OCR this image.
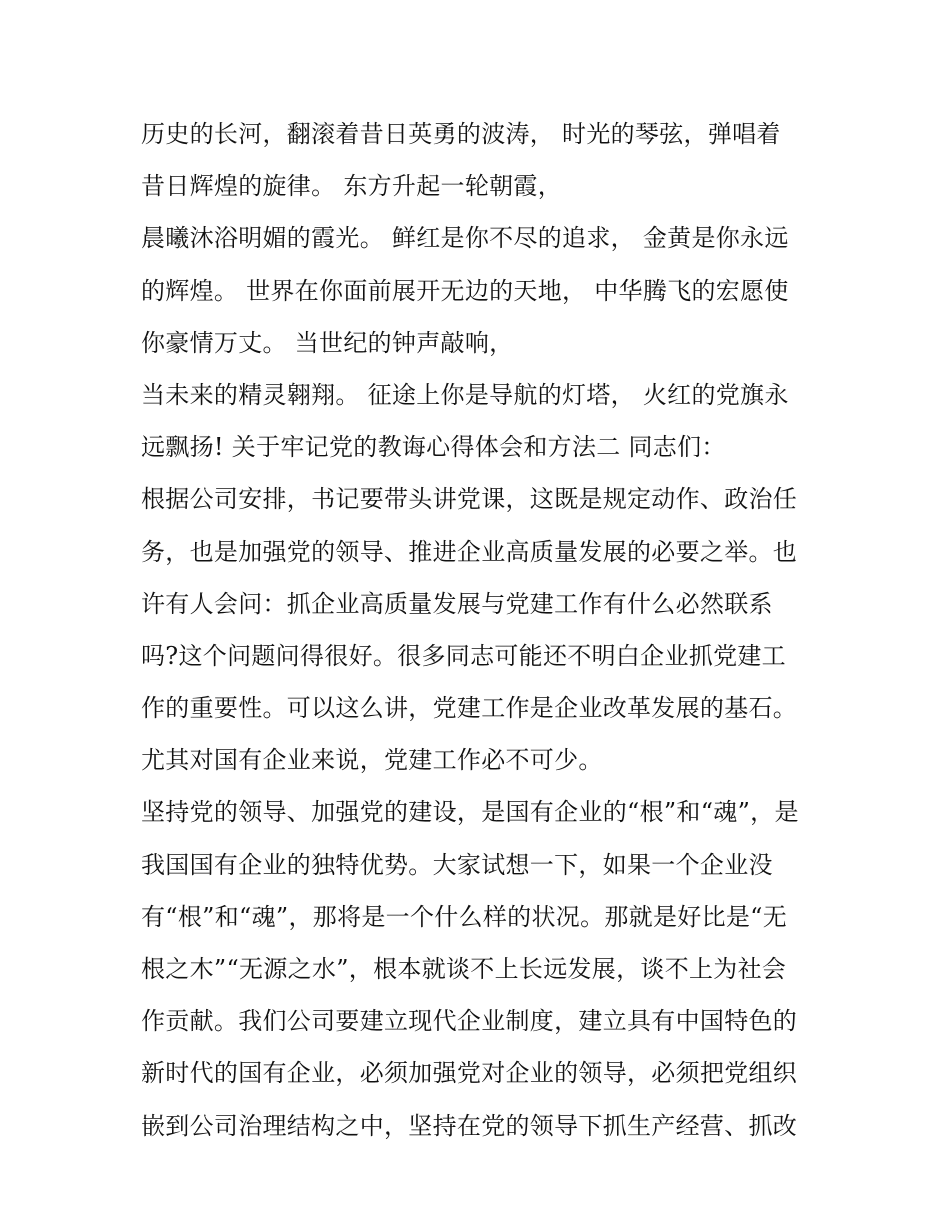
历史的长河，翻滚着昔日英勇的波涛， 时光的琴弦，弹唱着
昔日辉煌的旋律。 东方升起一轮朝霞，
晨曦沐浴明媚的霞光。 鲜红是你不尽的追求， 金黄是你永远
的辉煌。 世界在你面前展开无边的天地， 中华腾飞的宏愿使
你豪情万丈。 当世纪的钟声敲响，
当未来的精灵翱翔。 征途上你是导航的灯塔， 火红的党旗永
远飘扬! 关于牢记党的教诲心得体会和方法二 同志们：
根据公司安排，书记要带头讲党课，这既是规定动作、政治任
务，也是加强党的领导、推进企业高质量发展的必要之举。也
许有人会问：抓企业高质量发展与党建工作有什么必然联系
吗?这个问题问得很好。很多同志可能还不明白企业抓党建工
作的重要性。可以这么讲，党建工作是企业改革发展的基石。
尤其对国有企业来说，党建工作必不可少。
坚持党的领导、加强党的建设，是国有企业的“根”和“魂”，是
我国国有企业的独特优势。大家试想一下，如果一个企业没
有“根”和“魂”，那将是一个什么样的状况。那就是好比是“无
根之木”“无源之水”，根本就谈不上长远发展，谈不上为社会
作贡献。我们公司要建立现代企业制度，建立具有中国特色的
新时代的国有企业，必须加强党对企业的领导，必须把党组织
嵌到公司治理结构之中，坚持在党的领导下抓生产经营、抓改
